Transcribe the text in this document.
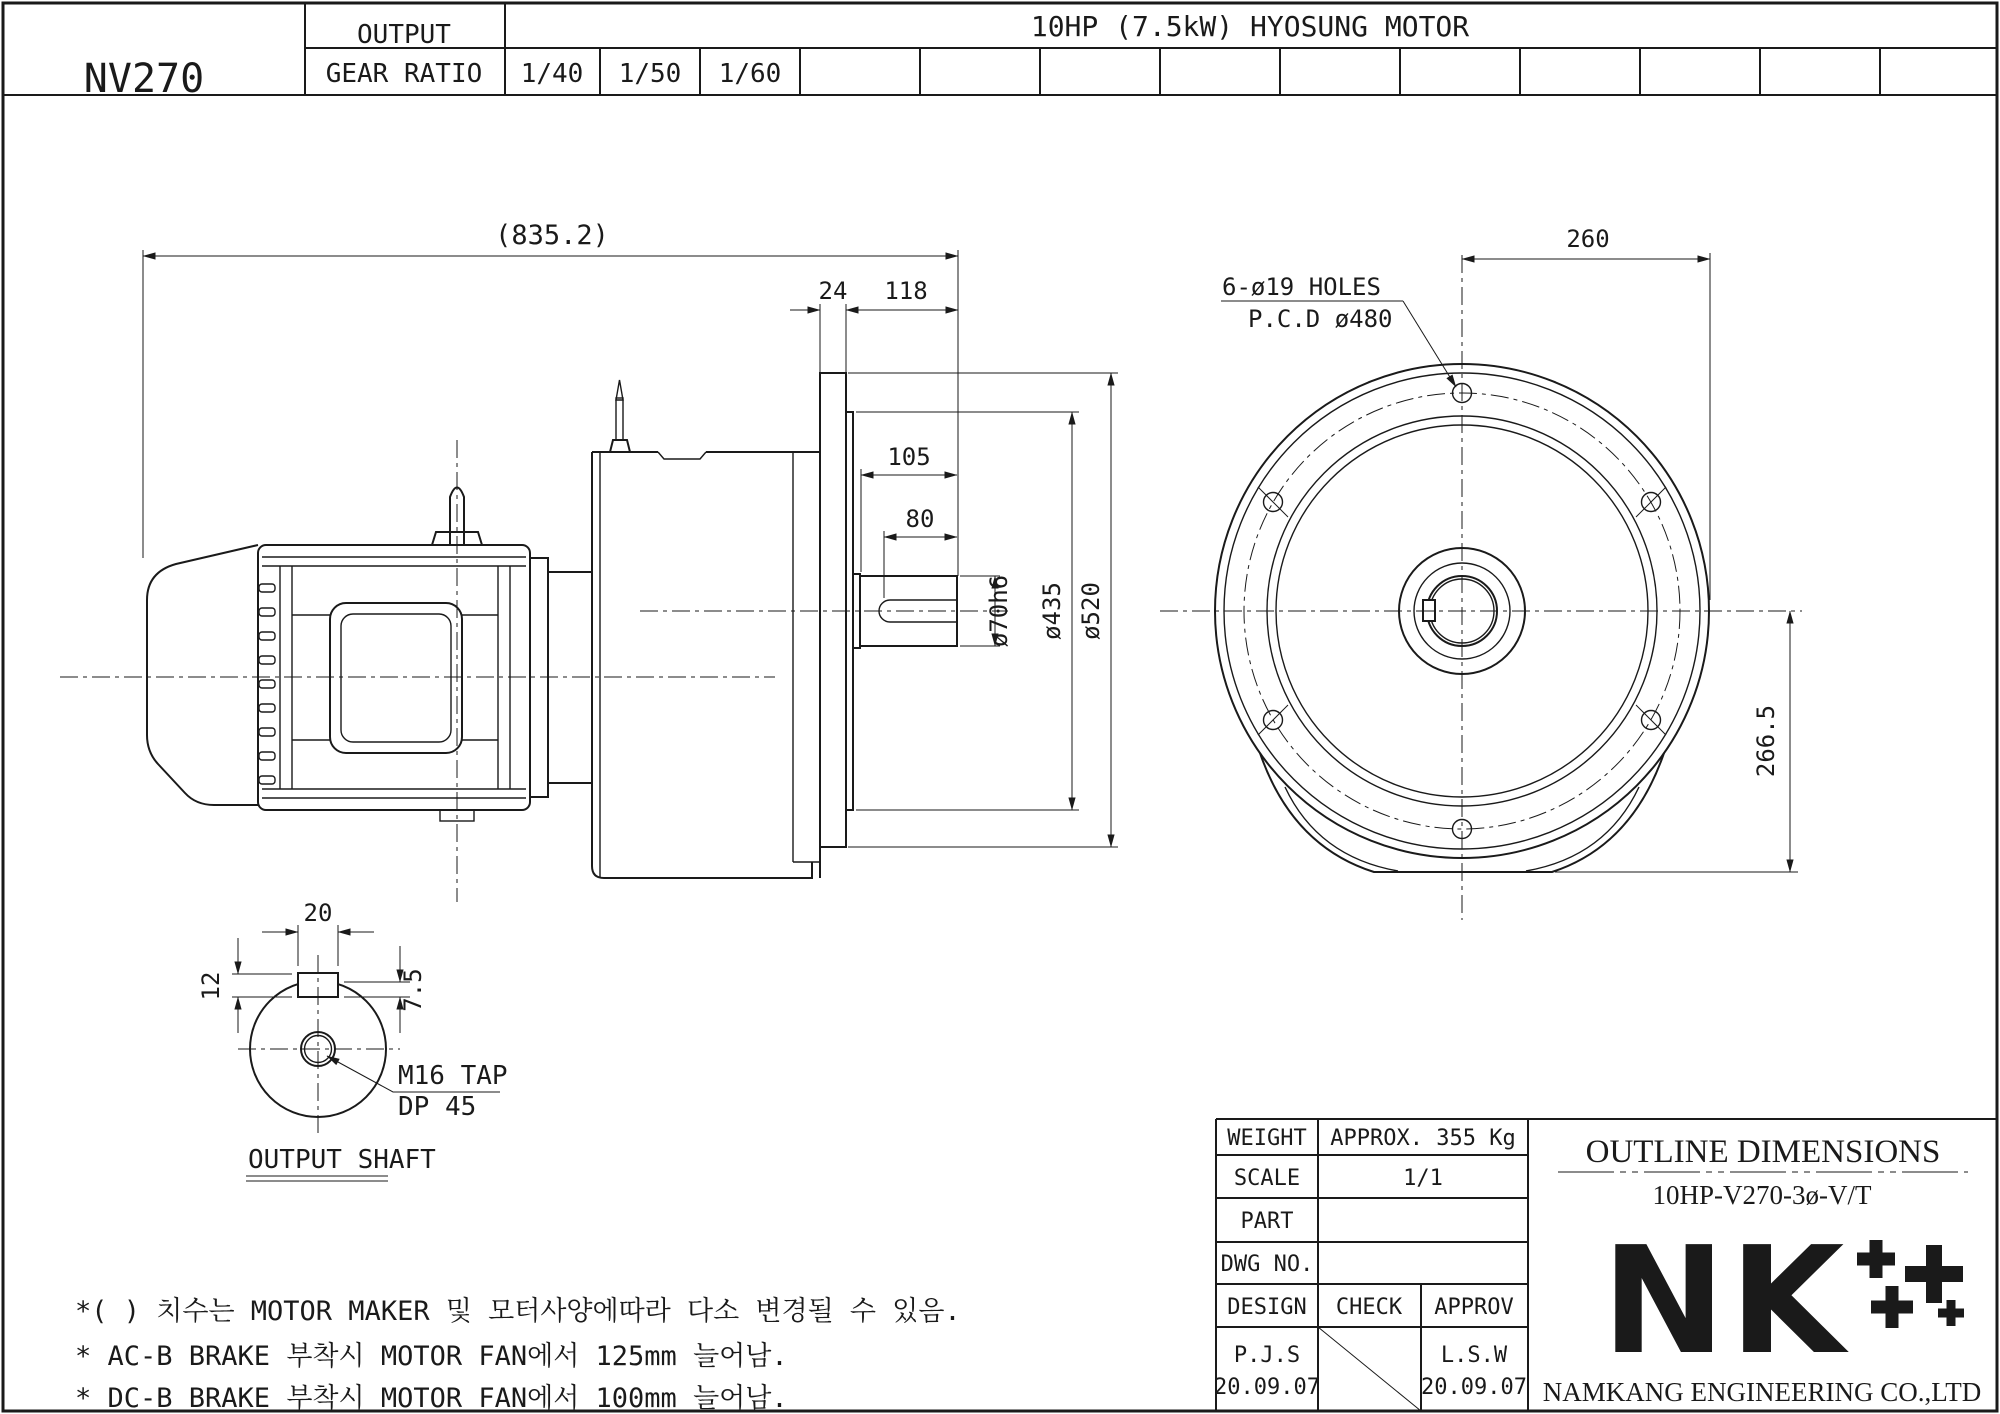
NV270
OUTPUT
GEAR RATIO
10HP (7.5kW) HYOSUNG MOTOR
1/40 1/50 1/60
(835.2)
24 118
105
80
ø70h6 ø435 ø520
260
6-ø19 HOLES
P.C.D ø480
266.5
20
12	7.5
M16 TAP
DP 45
OUTPUT SHAFT
*( ) 치수는 MOTOR MAKER 및 모터사양에따라 다소 변경될 수 있음.
* AC-B BRAKE 부착시 MOTOR FAN에서 125mm 늘어남.
* DC-B BRAKE 부착시 MOTOR FAN에서 100mm 늘어남.
WEIGHT APPROX. 355 Kg
SCALE	1/1
PART
DWG NO.
DESIGN CHECK APPROV
P.J.S
20.09.07
L.S.W
20.09.07
OUTLINE DIMENSIONS
10HP-V270-3ø-V/T
NK
NAMKANG ENGINEERING CO.,LTD
